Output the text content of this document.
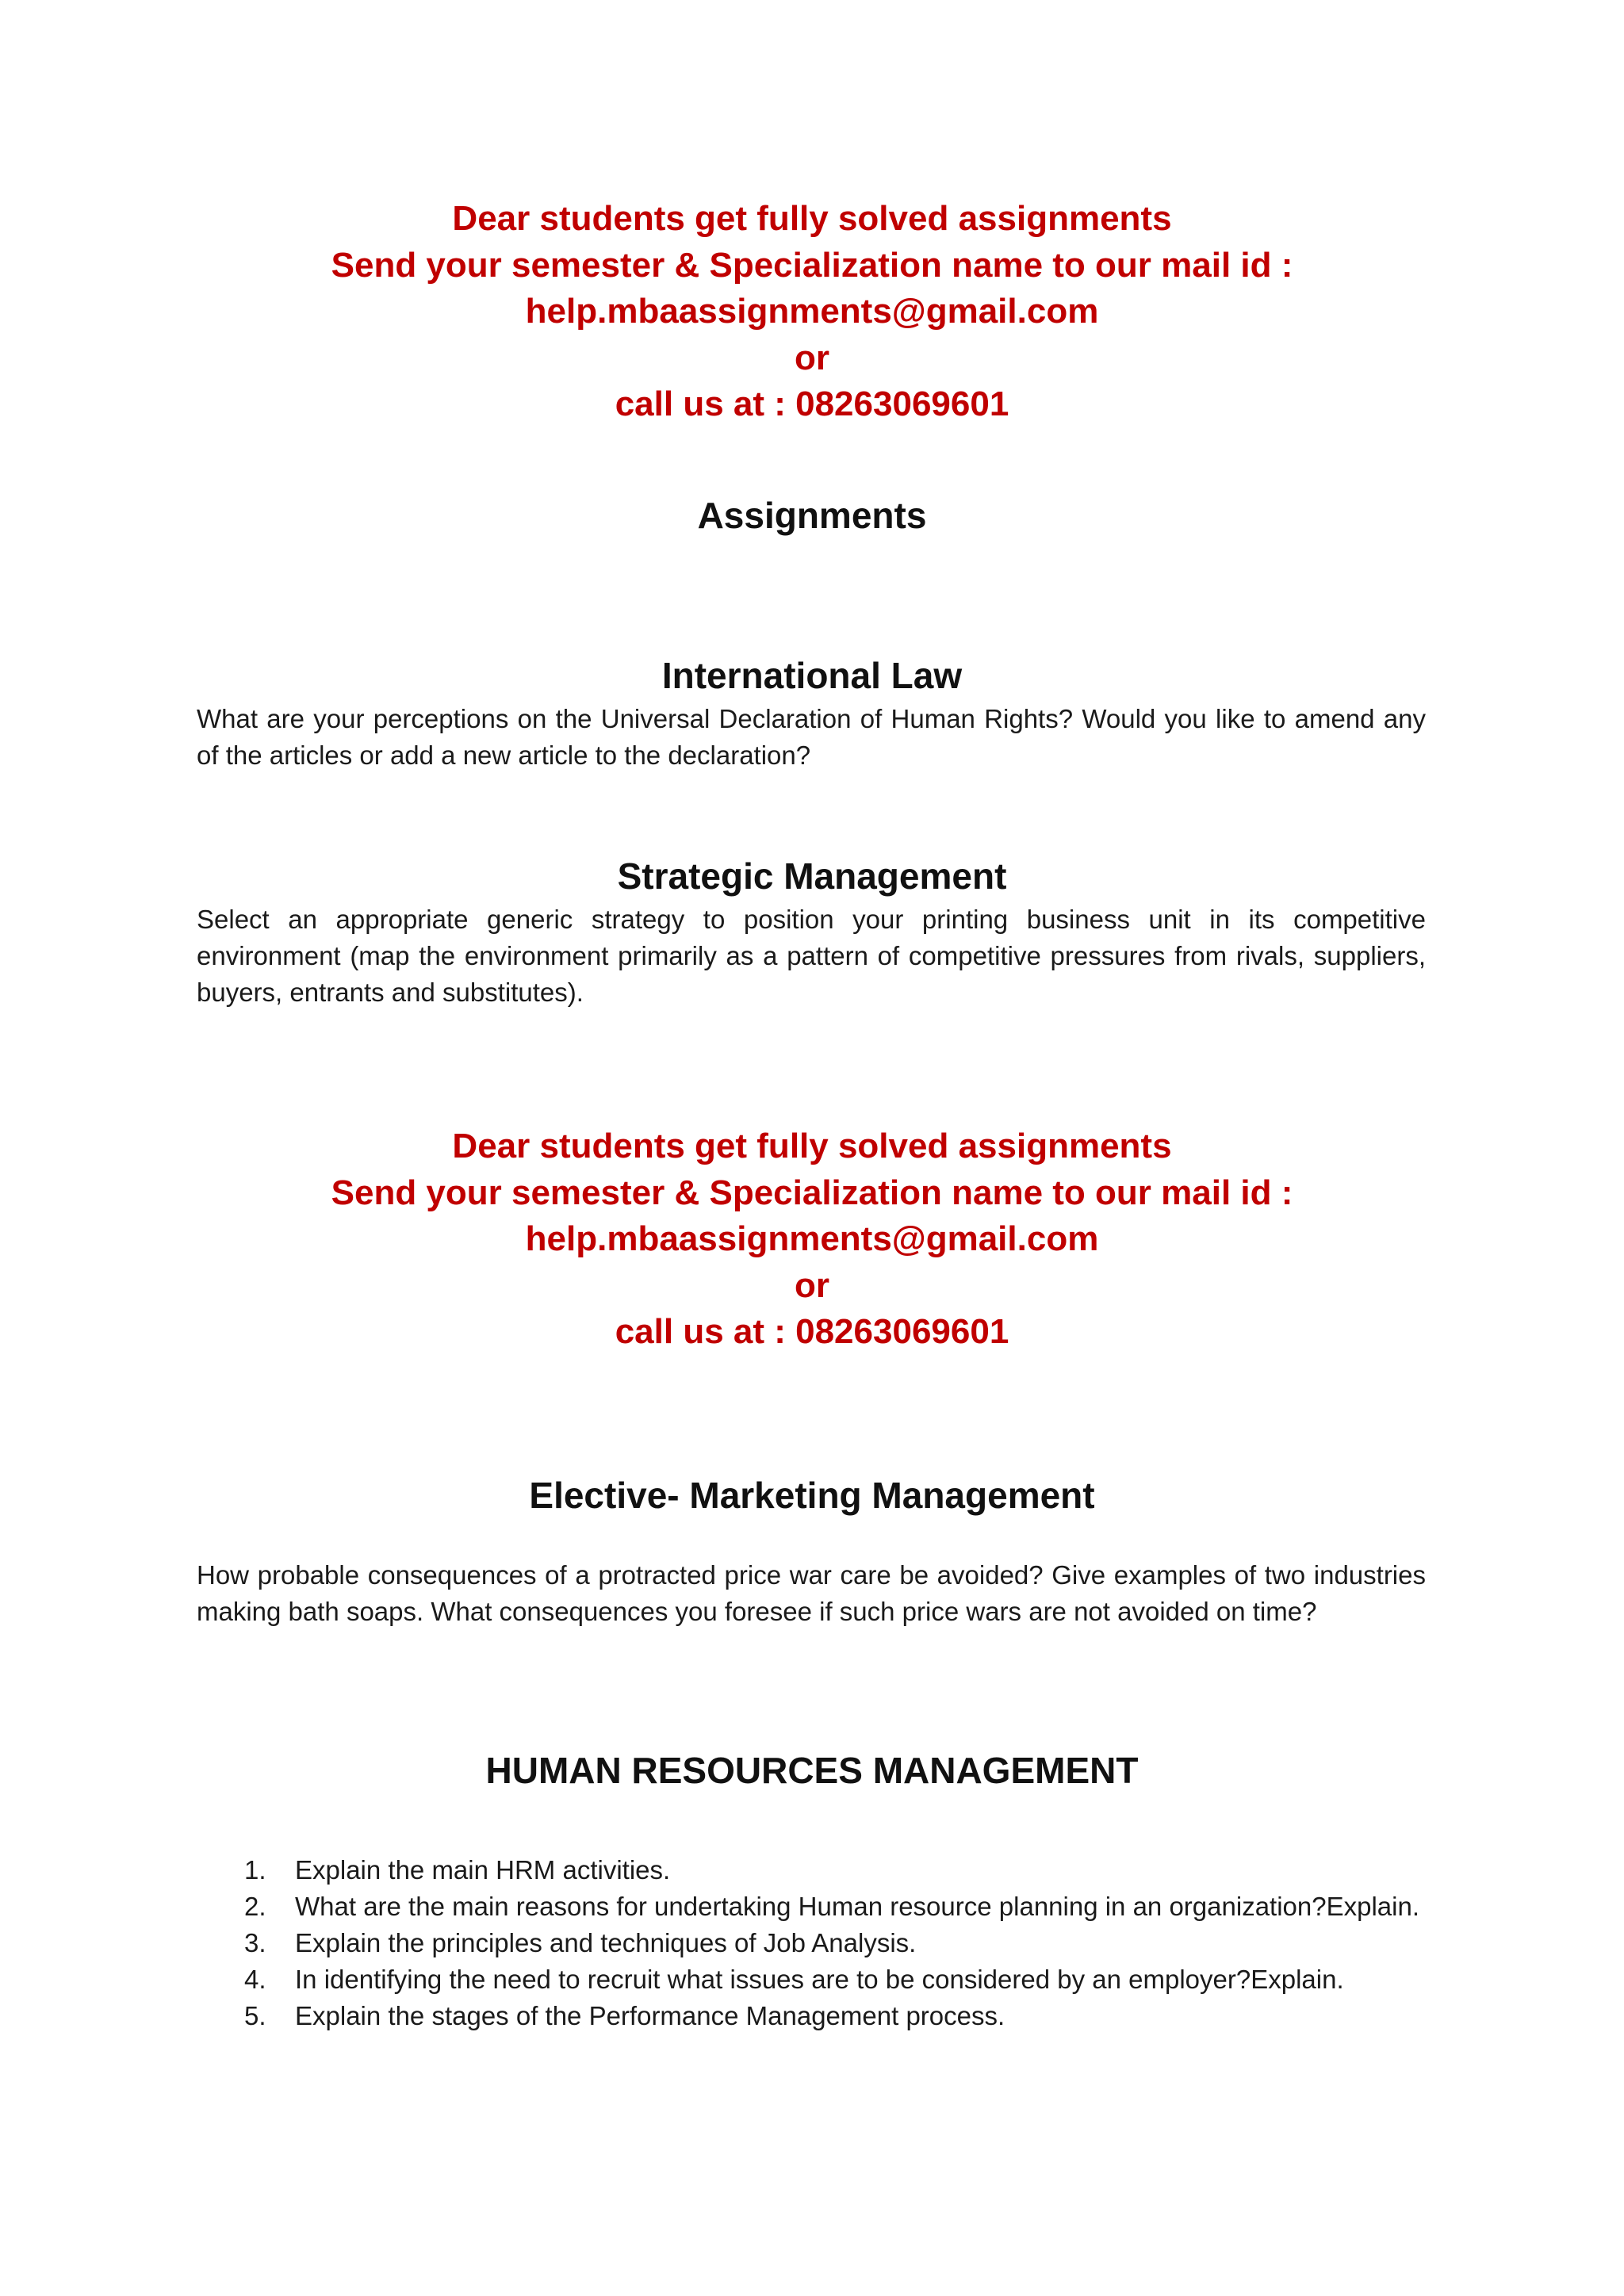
Dear students get fully solved assignments
Send your semester & Specialization name to our mail id :
help.mbaassignments@gmail.com
or
call us at : 08263069601
Assignments
International Law
What are your perceptions on the Universal Declaration of Human Rights? Would you like to amend any of the articles or add a new article to the declaration?
Strategic Management
Select an appropriate generic strategy to position your printing business unit in its competitive environment (map the environment primarily as a pattern of competitive pressures from rivals, suppliers, buyers, entrants and substitutes).
Dear students get fully solved assignments
Send your semester & Specialization name to our mail id :
help.mbaassignments@gmail.com
or
call us at : 08263069601
Elective- Marketing Management
How probable consequences of a protracted price war care be avoided? Give examples of two industries making bath soaps. What consequences you foresee if such price wars are not avoided on time?
HUMAN RESOURCES MANAGEMENT
1. Explain the main HRM activities.
2. What are the main reasons for undertaking Human resource planning in an organization?Explain.
3. Explain the principles and techniques of Job Analysis.
4. In identifying the need to recruit what issues are to be considered by an employer?Explain.
5. Explain the stages of the Performance Management process.
